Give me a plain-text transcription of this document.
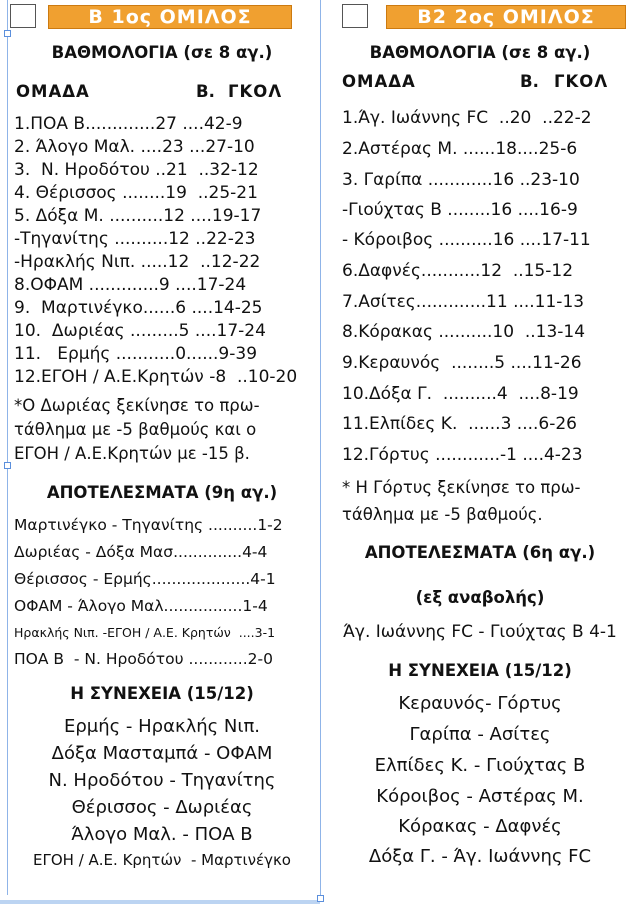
Β 1ος ΟΜΙΛΟΣ
ΒΑΘΜΟΛΟΓΙΑ (σε 8 αγ.)
ΟΜΑΔΑ	Β. ΓΚΟΛ
1.ΠΟΑ Β.............27 ....42-9
2. Άλογο Μαλ. ....23 ...27-10
3.  Ν. Ηροδότου ..21  ..32-12
4. Θέρισσος ........19  ..25-21
5. Δόξα Μ. ..........12 ....19-17
-Τηγανίτης ..........12 ..22-23
-Ηρακλής Νιπ. .....12  ..12-22
8.ΟΦΑΜ .............9 ....17-24
9.  Μαρτινέγκο......6 ....14-25
10.  Δωριέας .........5 ....17-24
11.   Ερμής ...........0......9-39
12.ΕΓΟΗ / Α.Ε.Κρητών -8  ..10-20
*Ο Δωριέας ξεκίνησε το πρω-
τάθλημα με -5 βαθμούς και ο
ΕΓΟΗ / Α.Ε.Κρητών με -15 β.
ΑΠΟΤΕΛΕΣΜΑΤΑ (9η αγ.)
Μαρτινέγκο - Τηγανίτης ..........1-2
Δωριέας - Δόξα Μασ..............4-4
Θέρισσος - Ερμής....................4-1
ΟΦΑΜ - Άλογο Μαλ................1-4
Ηρακλής Νιπ. -ΕΓΟΗ / Α.Ε. Κρητών  ....3-1
ΠΟΑ Β  - Ν. Ηροδότου ............2-0
Η ΣΥΝΕΧΕΙΑ (15/12)
Ερμής - Ηρακλής Νιπ.
Δόξα Μασταμπά - ΟΦΑΜ
Ν. Ηροδότου - Τηγανίτης
Θέρισσος - Δωριέας
Άλογο Μαλ. - ΠΟΑ Β
ΕΓΟΗ / Α.Ε. Κρητών  - Μαρτινέγκο
Β2 2ος ΟΜΙΛΟΣ
ΒΑΘΜΟΛΟΓΙΑ (σε 8 αγ.)
ΟΜΑΔΑ	Β. ΓΚΟΛ
1.Άγ. Ιωάννης FC  ..20  ..22-2
2.Αστέρας Μ. ......18....25-6
3. Γαρίπα ............16 ..23-10
-Γιούχτας Β ........16 ....16-9
- Κόροιβος ..........16 ....17-11
6.Δαφνές...........12  ..15-12
7.Ασίτες.............11 ....11-13
8.Κόρακας ..........10  ..13-14
9.Κεραυνός  ........5 ....11-26
10.Δόξα Γ.  ..........4  ....8-19
11.Ελπίδες Κ.  ......3 ....6-26
12.Γόρτυς ............-1 ....4-23
* Η Γόρτυς ξεκίνησε το πρω-
τάθλημα με -5 βαθμούς.
ΑΠΟΤΕΛΕΣΜΑΤΑ (6η αγ.)
(εξ αναβολής)
Άγ. Ιωάννης FC - Γιούχτας Β 4-1
Η ΣΥΝΕΧΕΙΑ (15/12)
Κεραυνός- Γόρτυς
Γαρίπα - Ασίτες
Ελπίδες Κ. - Γιούχτας Β
Κόροιβος - Αστέρας Μ.
Κόρακας - Δαφνές
Δόξα Γ. - Άγ. Ιωάννης FC
